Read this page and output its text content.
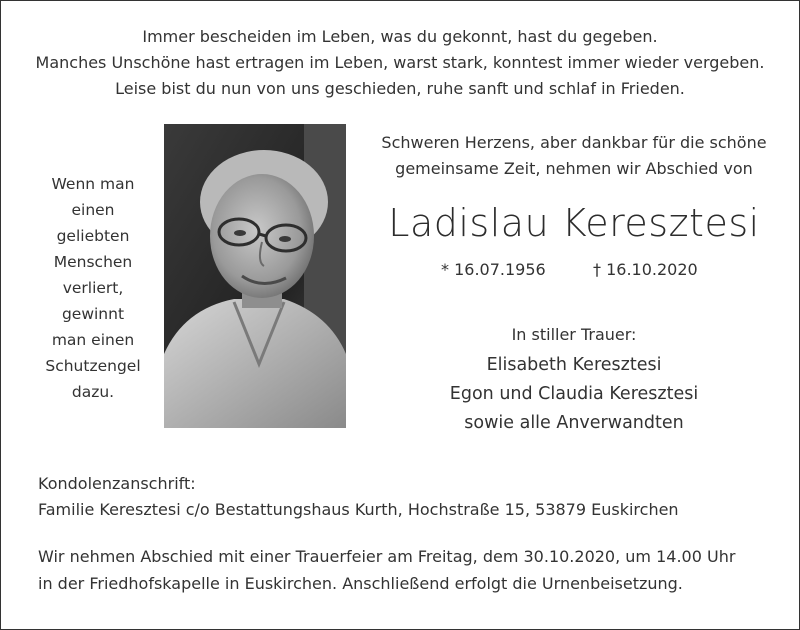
Immer bescheiden im Leben, was du gekonnt, hast du gegeben.
Manches Unschöne hast ertragen im Leben, warst stark, konntest immer wieder vergeben.
Leise bist du nun von uns geschieden, ruhe sanft und schlaf in Frieden.
Wenn man
einen
geliebten
Menschen
verliert,
gewinnt
man einen
Schutzengel
dazu.
Schweren Herzens, aber dankbar für die schöne
gemeinsame Zeit, nehmen wir Abschied von
Ladislau Keresztesi
* 16.07.1956	† 16.10.2020
In stiller Trauer:
Elisabeth Keresztesi
Egon und Claudia Keresztesi
sowie alle Anverwandten
Kondolenzanschrift:
Familie Keresztesi c/o Bestattungshaus Kurth, Hochstraße 15, 53879 Euskirchen
Wir nehmen Abschied mit einer Trauerfeier am Freitag, dem 30.10.2020, um 14.00 Uhr
in der Friedhofskapelle in Euskirchen. Anschließend erfolgt die Urnenbeisetzung.
